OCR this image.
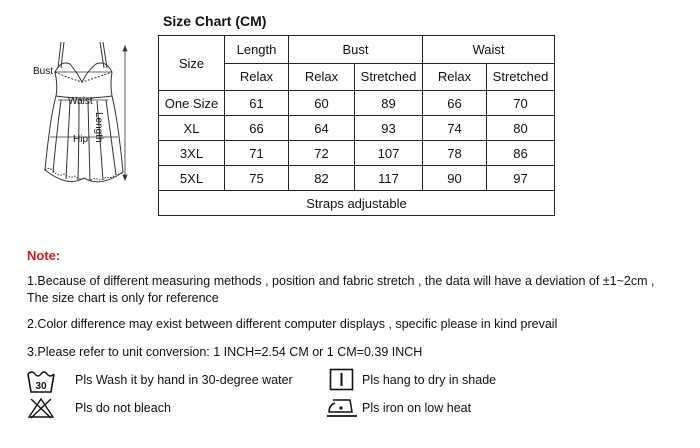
Bust
Waist
Hip Length
Size Chart (CM)
Size	Length	Bust		Waist	
	Relax	Relax	Stretched	Relax	Stretched
One Size	61	60	89	66	70
XL	66	64	93	74	80
3XL	71	72	107	78	86
5XL	75	82	117	90	97
Straps adjustable					
Note:
1.Because of different measuring methods , position and fabric stretch , the data will have a deviation of ±1~2cm ,
The size chart is only for reference
2.Color difference may exist between different computer displays , specific please in kind prevail
3.Please refer to unit conversion: 1 INCH=2.54 CM or 1 CM=0.39 INCH
30 Pls Wash it by hand in 30-degree water	Pls hang to dry in shade
Pls do not bleach	Pls iron on low heat
